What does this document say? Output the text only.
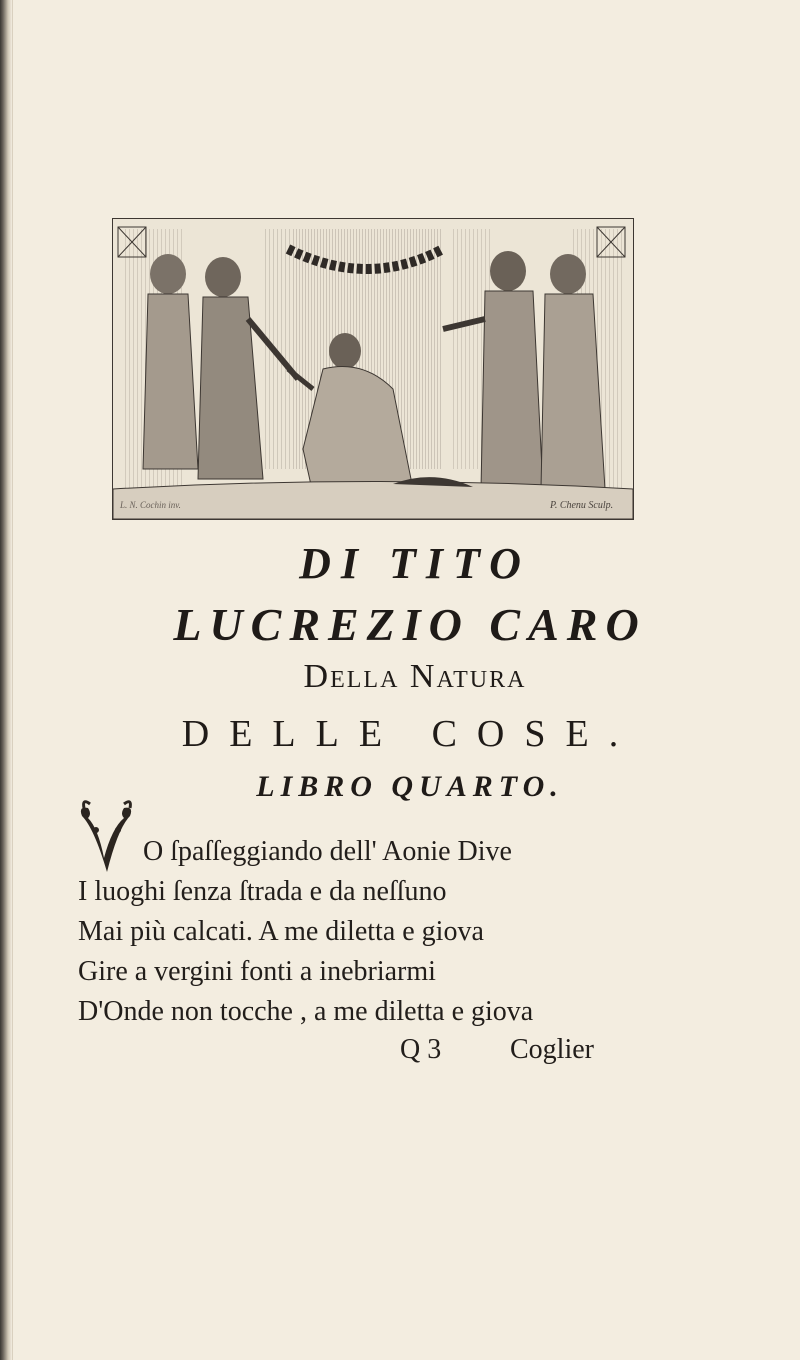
L. N. Cochin inv.	P. Chenu Sculp.
DI TITO
LUCREZIO CARO
Della Natura
DELLE COSE.
LIBRO QUARTO.
V O ſpaſſeggiando dell' Aonie Dive
I luoghi ſenza ſtrada e da neſſuno
Mai più calcati. A me diletta e giova
Gire a vergini fonti a inebriarmi
D'Onde non tocche , a me diletta e giova
Q 3 Coglier
